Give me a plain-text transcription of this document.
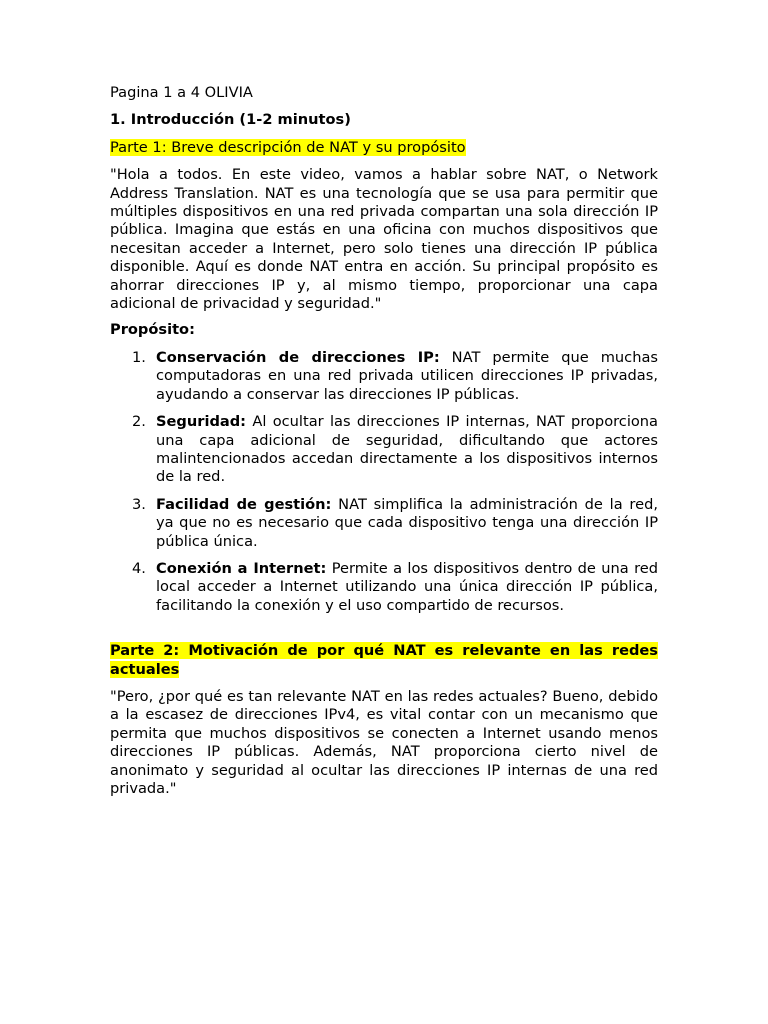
Pagina 1 a 4 OLIVIA

1. Introducción (1-2 minutos)

Parte 1: Breve descripción de NAT y su propósito

"Hola a todos. En este video, vamos a hablar sobre NAT, o Network Address Translation. NAT es una tecnología que se usa para permitir que múltiples dispositivos en una red privada compartan una sola dirección IP pública. Imagina que estás en una oficina con muchos dispositivos que necesitan acceder a Internet, pero solo tienes una dirección IP pública disponible. Aquí es donde NAT entra en acción. Su principal propósito es ahorrar direcciones IP y, al mismo tiempo, proporcionar una capa adicional de privacidad y seguridad."

Propósito:

1. Conservación de direcciones IP: NAT permite que muchas computadoras en una red privada utilicen direcciones IP privadas, ayudando a conservar las direcciones IP públicas.
2. Seguridad: Al ocultar las direcciones IP internas, NAT proporciona una capa adicional de seguridad, dificultando que actores malintencionados accedan directamente a los dispositivos internos de la red.
3. Facilidad de gestión: NAT simplifica la administración de la red, ya que no es necesario que cada dispositivo tenga una dirección IP pública única.
4. Conexión a Internet: Permite a los dispositivos dentro de una red local acceder a Internet utilizando una única dirección IP pública, facilitando la conexión y el uso compartido de recursos.

Parte 2: Motivación de por qué NAT es relevante en las redes actuales

"Pero, ¿por qué es tan relevante NAT en las redes actuales? Bueno, debido a la escasez de direcciones IPv4, es vital contar con un mecanismo que permita que muchos dispositivos se conecten a Internet usando menos direcciones IP públicas. Además, NAT proporciona cierto nivel de anonimato y seguridad al ocultar las direcciones IP internas de una red privada."
